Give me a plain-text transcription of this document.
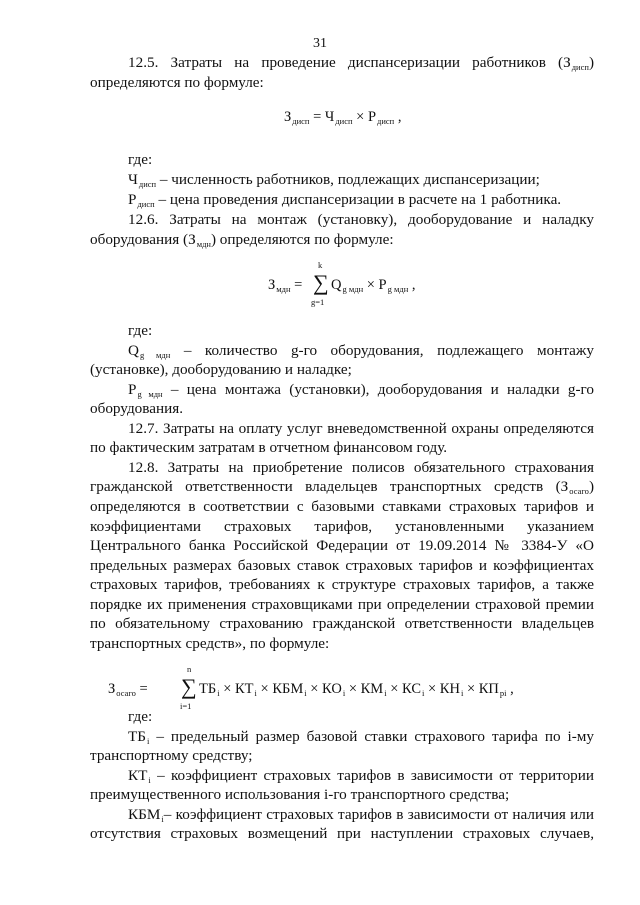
31
12.5. Затраты на проведение диспансеризации работников (Здиcп)
определяются по формуле:
$З_{диcп} = Ч_{диcп} \times Р_{диcп}$ ,
где:
Чдиcп – численность работников, подлежащих диспансеризации;
Рдиcп – цена проведения диспансеризации в расчете на 1 работника.
12.6. Затраты на монтаж (установку), дооборудование и наладку
оборудования (Змдн) определяются по формуле:
$З_{мдн}$ =
k
∑
g=1
$Q_{g мдн} \times P_{g мдн}$ ,
где:
Qg мдн – количество g-го оборудования, подлежащего монтажу
(установке), дооборудованию и наладке;
Pg мдн – цена монтажа (установки), дооборудования и наладки g-го
оборудования.
12.7. Затраты на оплату услуг вневедомственной охраны определяются
по фактическим затратам в отчетном финансовом году.
12.8. Затраты на приобретение полисов обязательного страхования
гражданской ответственности владельцев транспортных средств (Зосаго)
определяются в соответствии с базовыми ставками страховых тарифов и
коэффициентами страховых тарифов, установленными указанием
Центрального банка Российской Федерации от 19.09.2014 № 3384-У «О
предельных размерах базовых ставок страховых тарифов и коэффициентах
страховых тарифов, требованиях к структуре страховых тарифов, а также
порядке их применения страховщиками при определении страховой премии
по обязательному страхованию гражданской ответственности владельцев
транспортных средств», по формуле:
$З_{осаго}$ =
n
∑
i=1
$ТБ_i \times КТ_i \times КБМ_i \times КО_i \times КМ_i \times КС_i \times КН_i \times КП_{pi}$ ,
где:
ТБi – предельный размер базовой ставки страхового тарифа по i-му
транспортному средству;
КТi – коэффициент страховых тарифов в зависимости от территории
преимущественного использования i-го транспортного средства;
КБМi– коэффициент страховых тарифов в зависимости от наличия или
отсутствия страховых возмещений при наступлении страховых случаев,
